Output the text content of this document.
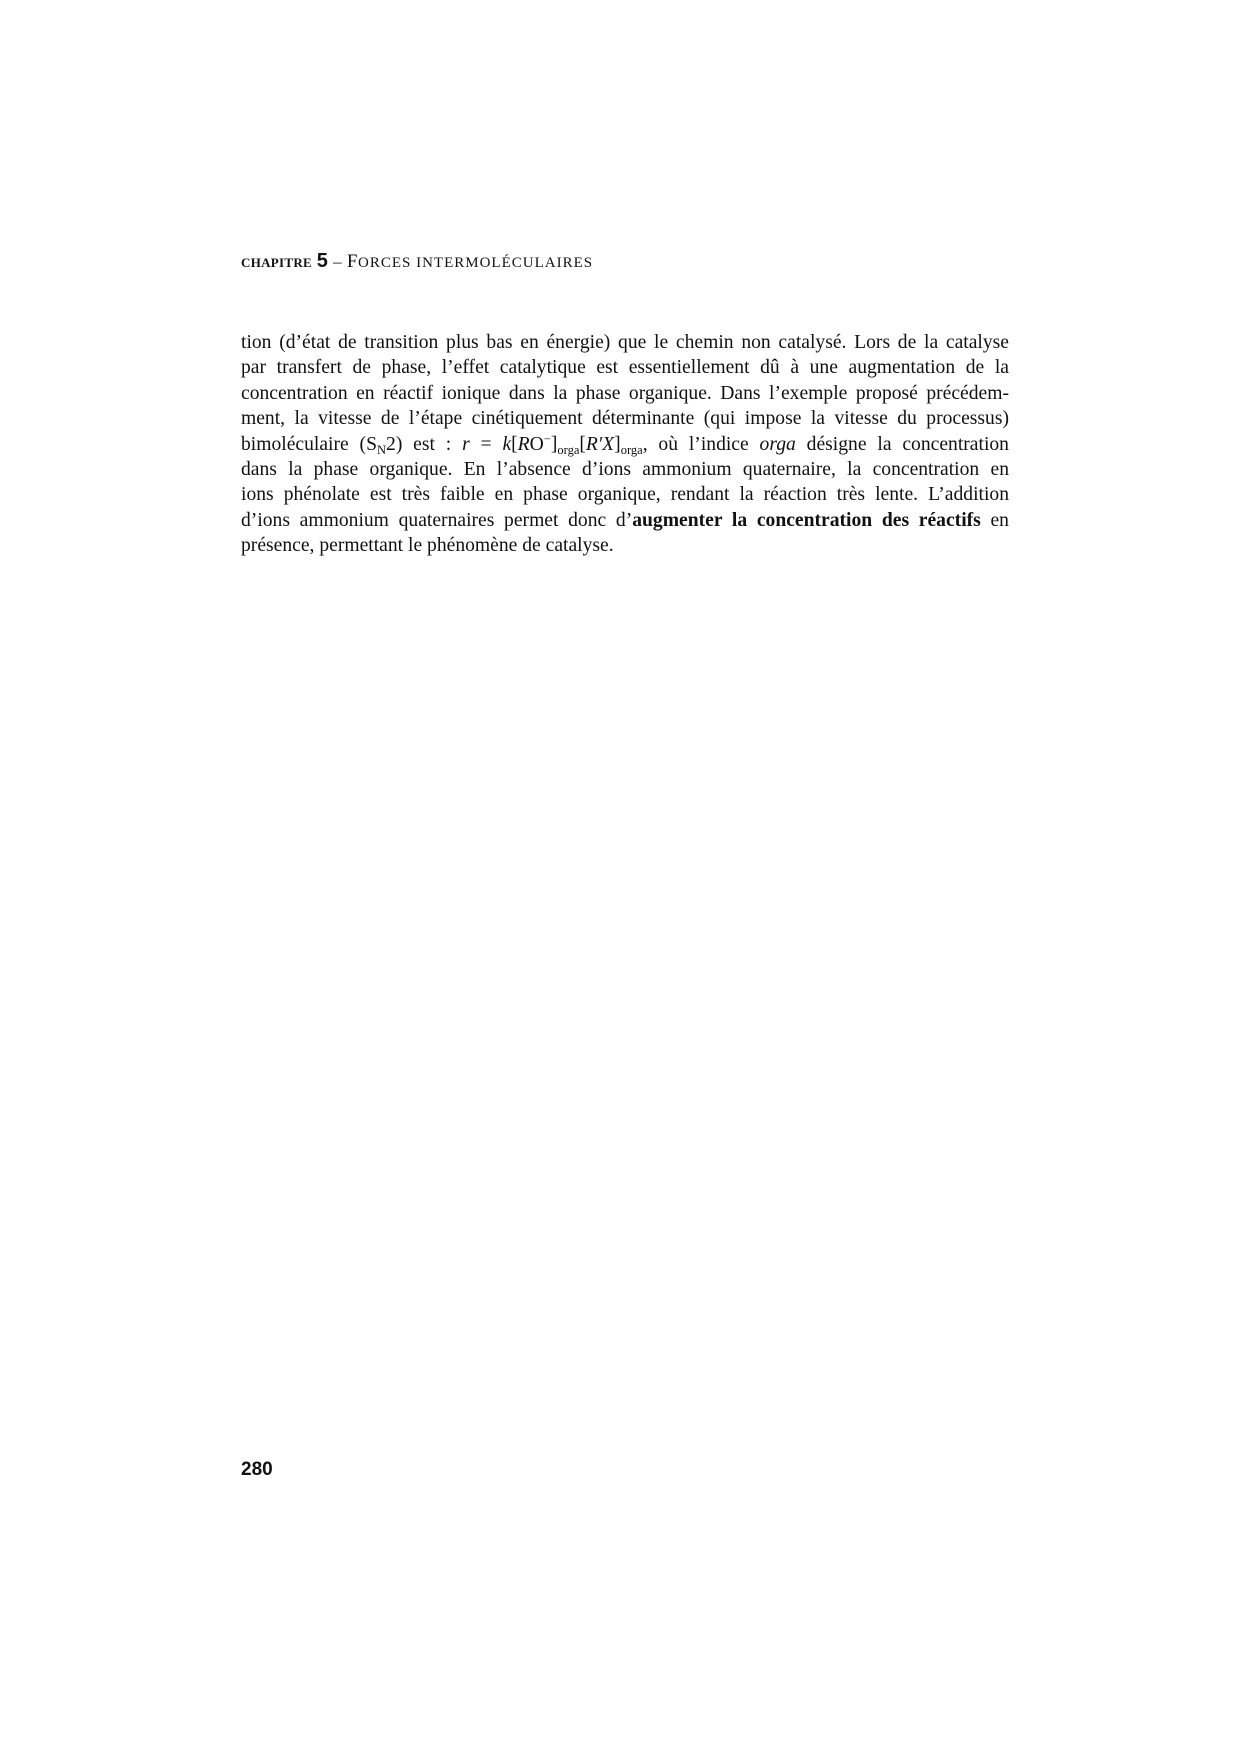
CHAPITRE 5 – FORCES INTERMOLÉCULAIRES
tion (d’état de transition plus bas en énergie) que le chemin non catalysé. Lors de la catalyse
par transfert de phase, l’effet catalytique est essentiellement dû à une augmentation de la
concentration en réactif ionique dans la phase organique. Dans l’exemple proposé précédem-
ment, la vitesse de l’étape cinétiquement déterminante (qui impose la vitesse du processus)
bimoléculaire $(S_N2)$ est : $r = k[RO^-]_{orga}[R'X]_{orga}$, où l’indice orga désigne la concentration
dans la phase organique. En l’absence d’ions ammonium quaternaire, la concentration en
ions phénolate est très faible en phase organique, rendant la réaction très lente. L’addition
d’ions ammonium quaternaires permet donc d’augmenter la concentration des réactifs en
présence, permettant le phénomène de catalyse.
280
